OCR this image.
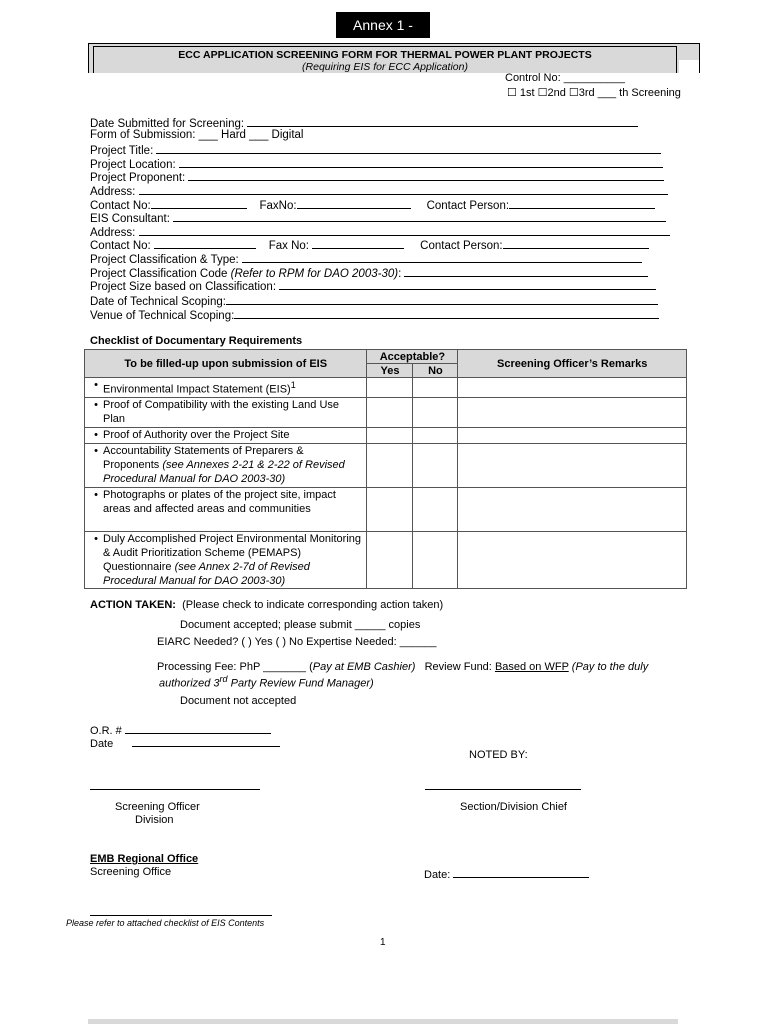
Annex 1 -
ECC APPLICATION SCREENING FORM FOR THERMAL POWER PLANT PROJECTS
(Requiring EIS for ECC Application)
Control No: __________
☐ 1st ☐2nd ☐3rd ___ th Screening
Date Submitted for Screening:
Form of Submission: ___ Hard ___ Digital
Project Title:
Project Location:
Project Proponent:
Address:
Contact No:	FaxNo:	Contact Person:
EIS Consultant:
Address:
Contact No:	Fax No:	Contact Person:
Project Classification & Type:
Project Classification Code (Refer to RPM for DAO 2003-30):
Project Size based on Classification:
Date of Technical Scoping:
Venue of Technical Scoping:
Checklist of Documentary Requirements
To be filled-up upon submission of EIS	Acceptable?		Screening Officer’s Remarks
	Yes	No	

• Environmental Impact Statement (EIS)$^1$

• Proof of Compatibility with the existing Land Use Plan			

• Proof of Authority over the Project Site			

• Accountability Statements of Preparers & Proponents (see Annexes 2-21 & 2-22 of Revised Procedural Manual for DAO 2003-30)			

• Photographs or plates of the project site, impact areas and affected areas and communities			

• Duly Accomplished Project Environmental Monitoring & Audit Prioritization Scheme (PEMAPS) Questionnaire (see Annex 2-7d of Revised Procedural Manual for DAO 2003-30)			

ACTION TAKEN: (Please check to indicate corresponding action taken)
Document accepted; please submit _____ copies
EIARC Needed? ( ) Yes ( ) No Expertise Needed: ______
Processing Fee: PhP _______ (Pay at EMB Cashier) Review Fund: Based on WFP (Pay to the duly
authorized 3rd Party Review Fund Manager)
Document not accepted
O.R. #
Date
NOTED BY:
Screening Officer
Division
Section/Division Chief
EMB Regional Office
Screening Office	Date:
Please refer to attached checklist of EIS Contents
1
